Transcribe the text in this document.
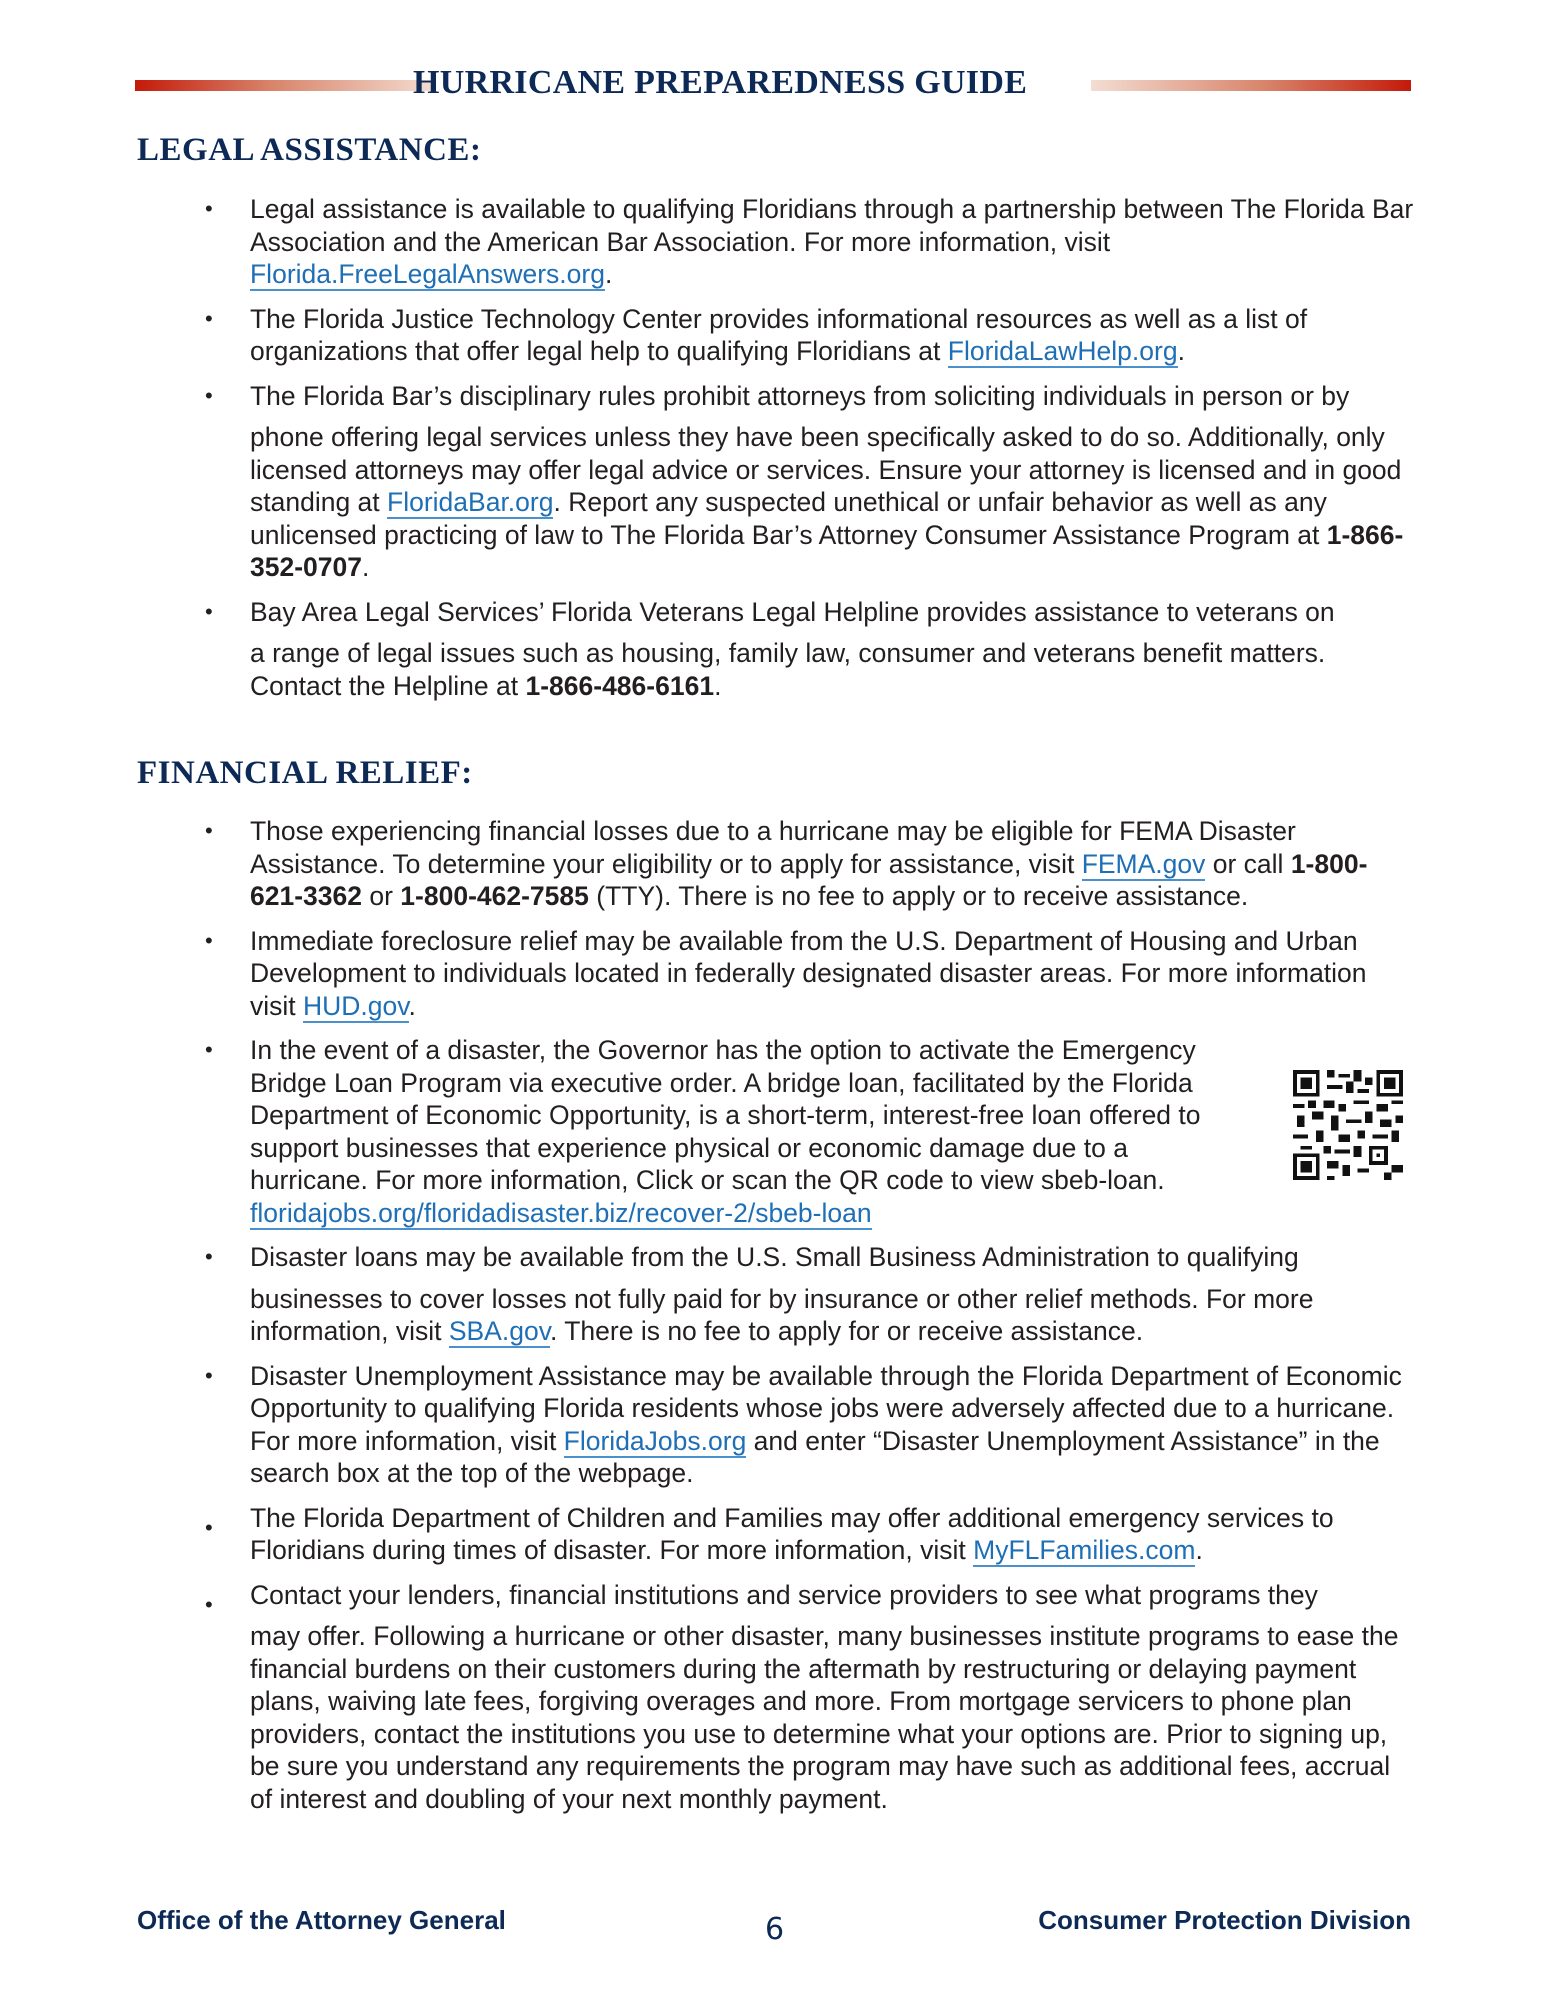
HURRICANE PREPAREDNESS GUIDE
LEGAL ASSISTANCE:
• Legal assistance is available to qualifying Floridians through a partnership between The Florida Bar Association and the American Bar Association. For more information, visit Florida.FreeLegalAnswers.org.
• The Florida Justice Technology Center provides informational resources as well as a list of organizations that offer legal help to qualifying Floridians at FloridaLawHelp.org.
• The Florida Bar’s disciplinary rules prohibit attorneys from soliciting individuals in person or by
phone offering legal services unless they have been specifically asked to do so. Additionally, only licensed attorneys may offer legal advice or services. Ensure your attorney is licensed and in good standing at FloridaBar.org. Report any suspected unethical or unfair behavior as well as any unlicensed practicing of law to The Florida Bar’s Attorney Consumer Assistance Program at 1-866-352-0707.
• Bay Area Legal Services’ Florida Veterans Legal Helpline provides assistance to veterans on
a range of legal issues such as housing, family law, consumer and veterans benefit matters. Contact the Helpline at 1-866-486-6161.
FINANCIAL RELIEF:
• Those experiencing financial losses due to a hurricane may be eligible for FEMA Disaster Assistance. To determine your eligibility or to apply for assistance, visit FEMA.gov or call 1-800-621-3362 or 1-800-462-7585 (TTY). There is no fee to apply or to receive assistance.
• Immediate foreclosure relief may be available from the U.S. Department of Housing and Urban Development to individuals located in federally designated disaster areas. For more information visit HUD.gov.
• In the event of a disaster, the Governor has the option to activate the Emergency Bridge Loan Program via executive order. A bridge loan, facilitated by the Florida Department of Economic Opportunity, is a short-term, interest-free loan offered to support businesses that experience physical or economic damage due to a hurricane. For more information, Click or scan the QR code to view sbeb-loan.
floridajobs.org/floridadisaster.biz/recover-2/sbeb-loan
• Disaster loans may be available from the U.S. Small Business Administration to qualifying
businesses to cover losses not fully paid for by insurance or other relief methods. For more information, visit SBA.gov. There is no fee to apply for or receive assistance.
• Disaster Unemployment Assistance may be available through the Florida Department of Economic Opportunity to qualifying Florida residents whose jobs were adversely affected due to a hurricane. For more information, visit FloridaJobs.org and enter “Disaster Unemployment Assistance” in the search box at the top of the webpage.
• The Florida Department of Children and Families may offer additional emergency services to
Floridians during times of disaster. For more information, visit MyFLFamilies.com.
• Contact your lenders, financial institutions and service providers to see what programs they
may offer. Following a hurricane or other disaster, many businesses institute programs to ease the financial burdens on their customers during the aftermath by restructuring or delaying payment plans, waiving late fees, forgiving overages and more. From mortgage servicers to phone plan providers, contact the institutions you use to determine what your options are. Prior to signing up, be sure you understand any requirements the program may have such as additional fees, accrual of interest and doubling of your next monthly payment.
Office of the Attorney General	6	Consumer Protection Division
